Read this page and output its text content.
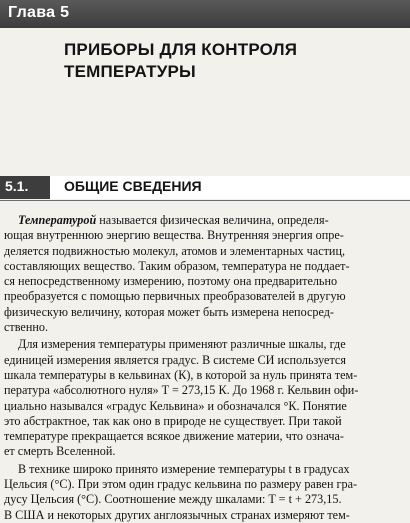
Глава 5
ПРИБОРЫ ДЛЯ КОНТРОЛЯ
ТЕМПЕРАТУРЫ
5.1.	ОБЩИЕ СВЕДЕНИЯ
Температурой называется физическая величина, определя-
ющая внутреннюю энергию вещества. Внутренняя энергия опре-
деляется подвижностью молекул, атомов и элементарных частиц,
составляющих вещество. Таким образом, температура не поддает-
ся непосредственному измерению, поэтому она предварительно
преобразуется с помощью первичных преобразователей в другую
физическую величину, которая может быть измерена непосред-
ственно.
Для измерения температуры применяют различные шкалы, где
единицей измерения является градус. В системе СИ используется
шкала температуры в кельвинах (К), в которой за нуль принята тем-
пература «абсолютного нуля» T = 273,15 К. До 1968 г. Кельвин офи-
циально назывался «градус Кельвина» и обозначался °К. Понятие
это абстрактное, так как оно в природе не существует. При такой
температуре прекращается всякое движение материи, что означа-
ет смерть Вселенной.
В технике широко принято измерение температуры t в градусах
Цельсия (°С). При этом один градус кельвина по размеру равен гра-
дусу Цельсия (°С). Соотношение между шкалами: T = t + 273,15.
В США и некоторых других англоязычных странах измеряют тем-
